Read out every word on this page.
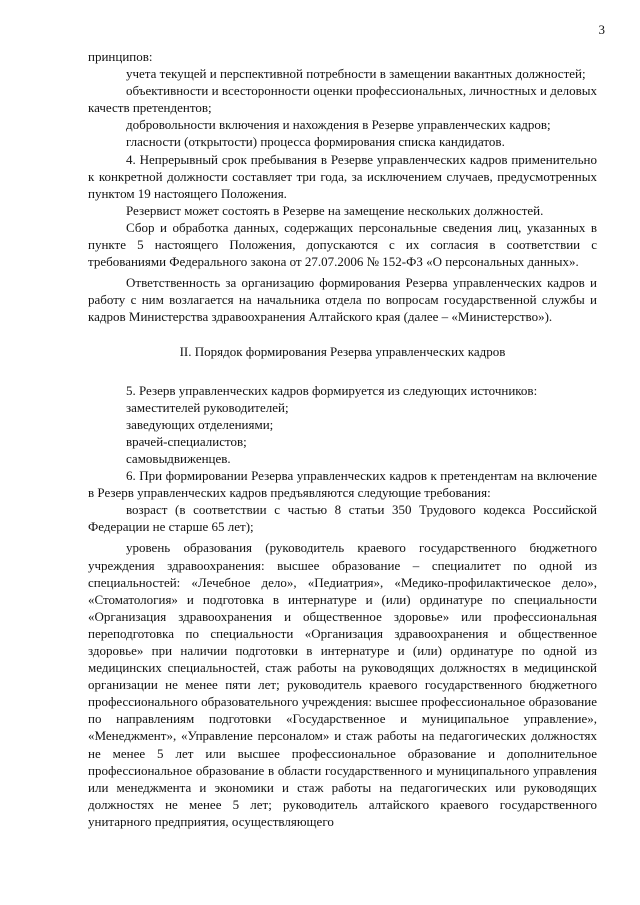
3

принципов:

учета текущей и перспективной потребности в замещении вакантных должностей;

объективности и всесторонности оценки профессиональных, личностных и деловых качеств претендентов;

добровольности включения и нахождения в Резерве управленческих кадров;

гласности (открытости) процесса формирования списка кандидатов.

4. Непрерывный срок пребывания в Резерве управленческих кадров применительно к конкретной должности составляет три года, за исключением случаев, предусмотренных пунктом 19 настоящего Положения.

Резервист может состоять в Резерве на замещение нескольких должностей.

Сбор и обработка данных, содержащих персональные сведения лиц, указанных в пункте 5 настоящего Положения, допускаются с их согласия в соответствии с требованиями Федерального закона от 27.07.2006 № 152-ФЗ «О персональных данных».

Ответственность за организацию формирования Резерва управленческих кадров и работу с ним возлагается на начальника отдела по вопросам государственной службы и кадров Министерства здравоохранения Алтайского края (далее – «Министерство»).

II. Порядок формирования Резерва управленческих кадров

5. Резерв управленческих кадров формируется из следующих источников:

заместителей руководителей;

заведующих отделениями;

врачей-специалистов;

самовыдвиженцев.

6. При формировании Резерва управленческих кадров к претендентам на включение в Резерв управленческих кадров предъявляются следующие требования:

возраст (в соответствии с частью 8 статьи 350 Трудового кодекса Российской Федерации не старше 65 лет);

уровень образования (руководитель краевого государственного бюджетного учреждения здравоохранения: высшее образование – специалитет по одной из специальностей: «Лечебное дело», «Педиатрия», «Медико-профилактическое дело», «Стоматология» и подготовка в интернатуре и (или) ординатуре по специальности «Организация здравоохранения и общественное здоровье» или профессиональная переподготовка по специальности «Организация здравоохранения и общественное здоровье» при наличии подготовки в интернатуре и (или) ординатуре по одной из медицинских специальностей, стаж работы на руководящих должностях в медицинской организации не менее пяти лет; руководитель краевого государственного бюджетного профессионального образовательного учреждения: высшее профессиональное образование по направлениям подготовки «Государственное и муниципальное управление», «Менеджмент», «Управление персоналом» и стаж работы на педагогических должностях не менее 5 лет или высшее профессиональное образование и дополнительное профессиональное образование в области государственного и муниципального управления или менеджмента и экономики и стаж работы на педагогических или руководящих должностях не менее 5 лет; руководитель алтайского краевого государственного унитарного предприятия, осуществляющего
